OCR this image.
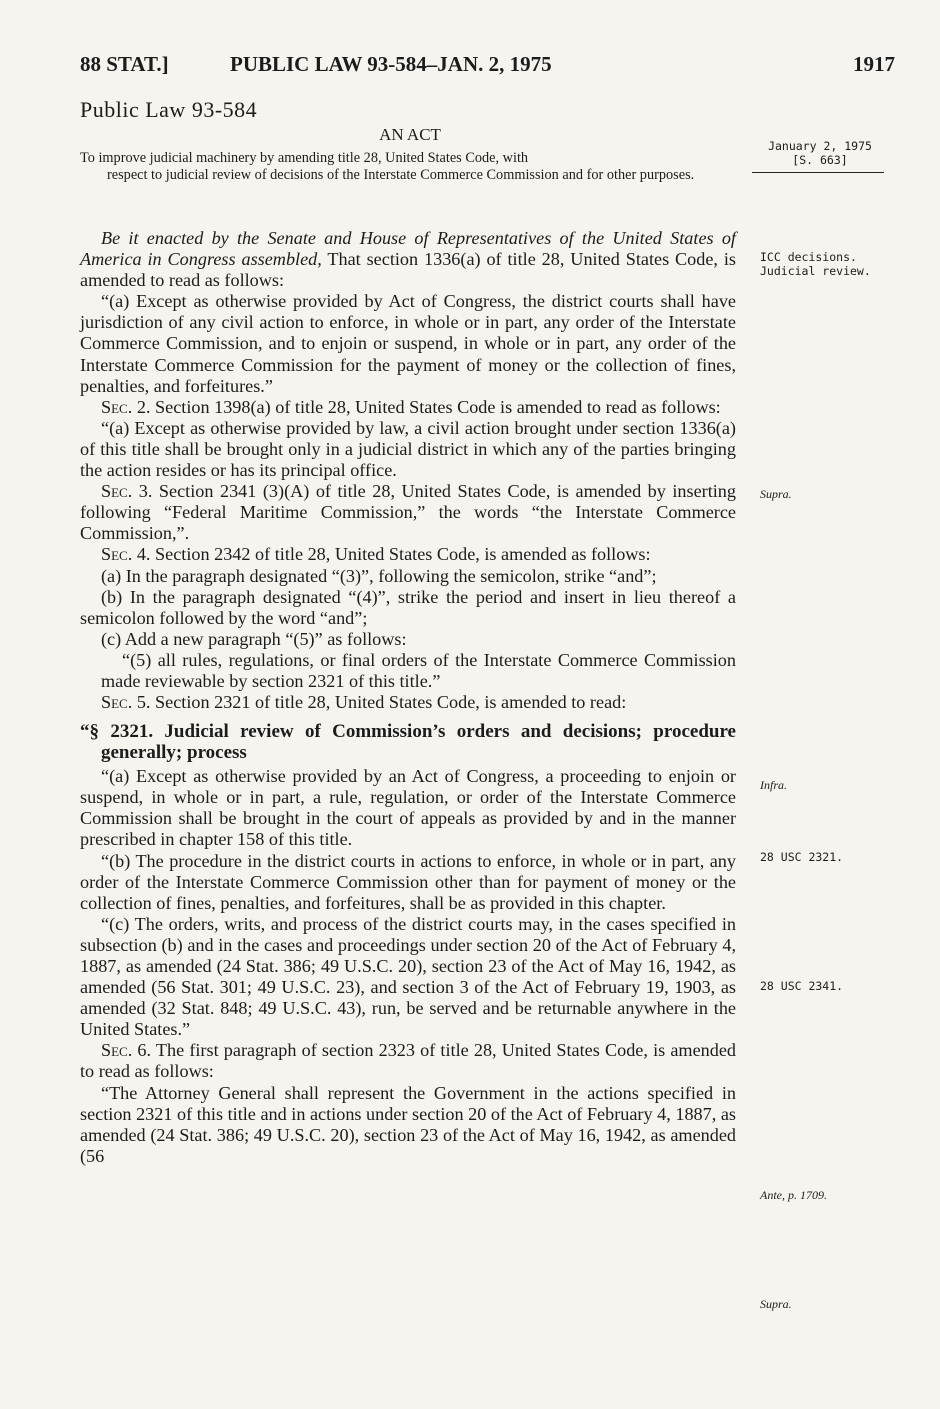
88 STAT.]	PUBLIC LAW 93-584–JAN. 2, 1975	1917
Public Law 93-584
AN ACT
To improve judicial machinery by amending title 28, United States Code, with
respect to judicial review of decisions of the Interstate Commerce Commission and for other purposes.
January 2, 1975
[S. 663]
ICC decisions.
Judicial review.
Supra.
Infra.
28 USC 2321.
28 USC 2341.
Ante, p. 1709.
Supra.

Be it enacted by the Senate and House of Representatives of the United States of America in Congress assembled, That section 1336(a) of title 28, United States Code, is amended to read as follows:

“(a) Except as otherwise provided by Act of Congress, the district courts shall have jurisdiction of any civil action to enforce, in whole or in part, any order of the Interstate Commerce Commission, and to enjoin or suspend, in whole or in part, any order of the Interstate Commerce Commission for the payment of money or the collection of fines, penalties, and forfeitures.”

Sec. 2. Section 1398(a) of title 28, United States Code is amended to read as follows:

“(a) Except as otherwise provided by law, a civil action brought under section 1336(a) of this title shall be brought only in a judicial district in which any of the parties bringing the action resides or has its principal office.

Sec. 3. Section 2341 (3)(A) of title 28, United States Code, is amended by inserting following “Federal Maritime Commission,” the words “the Interstate Commerce Commission,”.

Sec. 4. Section 2342 of title 28, United States Code, is amended as follows:

(a) In the paragraph designated “(3)”, following the semicolon, strike “and”;

(b) In the paragraph designated “(4)”, strike the period and insert in lieu thereof a semicolon followed by the word “and”;

(c) Add a new paragraph “(5)” as follows:

“(5) all rules, regulations, or final orders of the Interstate Commerce Commission made reviewable by section 2321 of this title.”

Sec. 5. Section 2321 of title 28, United States Code, is amended to read:

“§ 2321. Judicial review of Commission’s orders and decisions; procedure generally; process

“(a) Except as otherwise provided by an Act of Congress, a proceeding to enjoin or suspend, in whole or in part, a rule, regulation, or order of the Interstate Commerce Commission shall be brought in the court of appeals as provided by and in the manner prescribed in chapter 158 of this title.

“(b) The procedure in the district courts in actions to enforce, in whole or in part, any order of the Interstate Commerce Commission other than for payment of money or the collection of fines, penalties, and forfeitures, shall be as provided in this chapter.

“(c) The orders, writs, and process of the district courts may, in the cases specified in subsection (b) and in the cases and proceedings under section 20 of the Act of February 4, 1887, as amended (24 Stat. 386; 49 U.S.C. 20), section 23 of the Act of May 16, 1942, as amended (56 Stat. 301; 49 U.S.C. 23), and section 3 of the Act of February 19, 1903, as amended (32 Stat. 848; 49 U.S.C. 43), run, be served and be returnable anywhere in the United States.”

Sec. 6. The first paragraph of section 2323 of title 28, United States Code, is amended to read as follows:

“The Attorney General shall represent the Government in the actions specified in section 2321 of this title and in actions under section 20 of the Act of February 4, 1887, as amended (24 Stat. 386; 49 U.S.C. 20), section 23 of the Act of May 16, 1942, as amended (56
